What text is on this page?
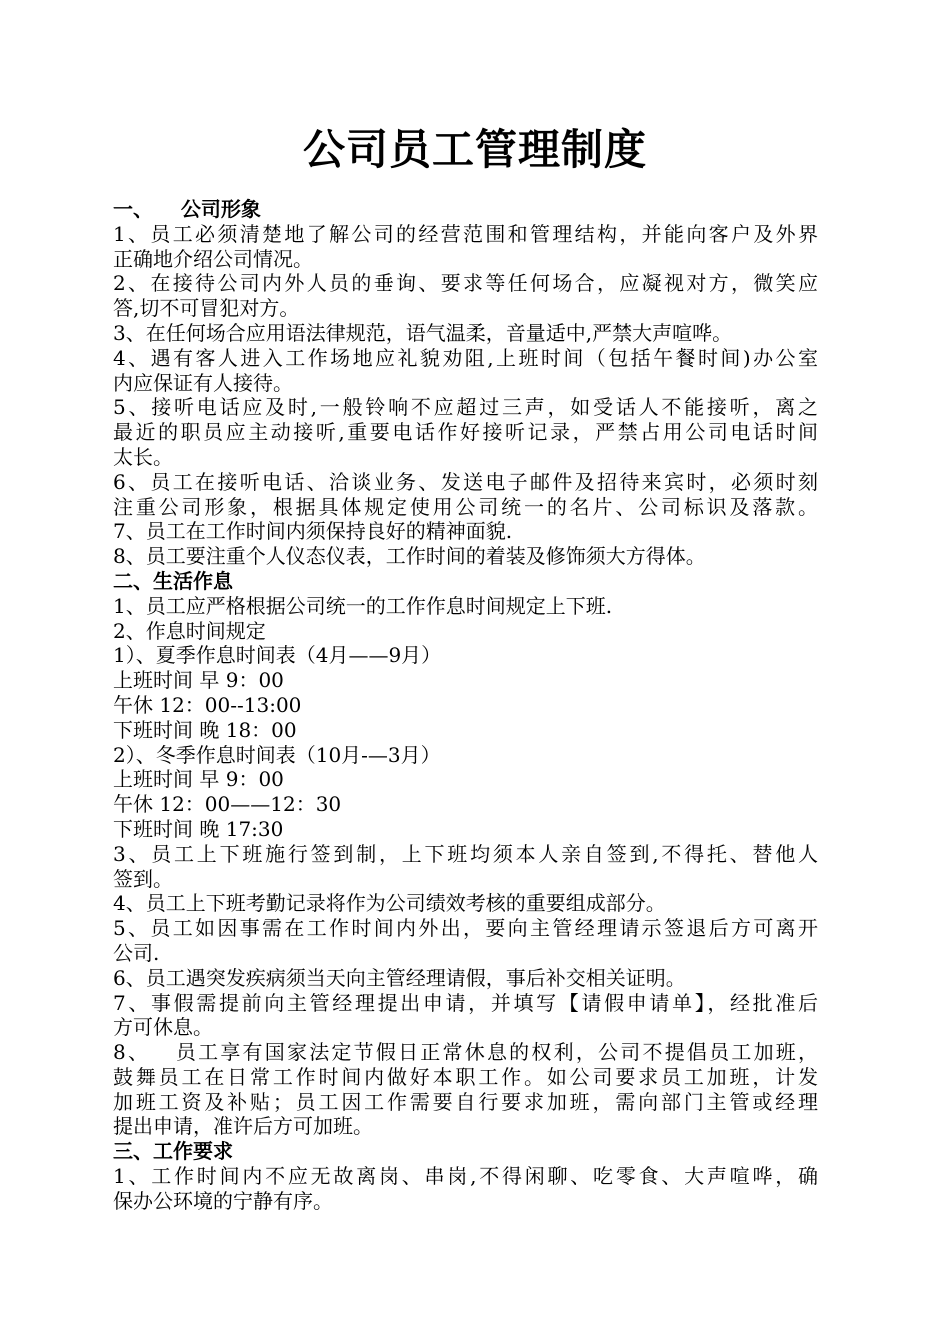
公司员工管理制度
一、    公司形象
1、员工必须清楚地了解公司的经营范围和管理结构，并能向客户及外界
正确地介绍公司情况。
2、在接待公司内外人员的垂询、要求等任何场合，应凝视对方，微笑应
答,切不可冒犯对方。
3、在任何场合应用语法律规范，语气温柔，音量适中,严禁大声喧哗。
4、遇有客人进入工作场地应礼貌劝阻,上班时间（包括午餐时间)办公室
内应保证有人接待。
5、接听电话应及时,一般铃响不应超过三声，如受话人不能接听，离之
最近的职员应主动接听,重要电话作好接听记录，严禁占用公司电话时间
太长。
6、员工在接听电话、洽谈业务、发送电子邮件及招待来宾时，必须时刻
注重公司形象，根据具体规定使用公司统一的名片、公司标识及落款。
7、员工在工作时间内须保持良好的精神面貌.
8、员工要注重个人仪态仪表，工作时间的着装及修饰须大方得体。
二、生活作息
1、员工应严格根据公司统一的工作作息时间规定上下班.
2、作息时间规定
1）、夏季作息时间表（4月——9月）
上班时间 早 9：00
午休 12：00--13:00
下班时间 晚 18：00
2）、冬季作息时间表（10月-—3月）
上班时间 早 9：00
午休 12：00——12：30
下班时间 晚 17:30
3、员工上下班施行签到制，上下班均须本人亲自签到,不得托、替他人
签到。
4、员工上下班考勤记录将作为公司绩效考核的重要组成部分。
5、员工如因事需在工作时间内外出，要向主管经理请示签退后方可离开
公司.
6、员工遇突发疾病须当天向主管经理请假，事后补交相关证明。
7、事假需提前向主管经理提出申请，并填写【请假申请单】，经批准后
方可休息。
8、   员工享有国家法定节假日正常休息的权利，公司不提倡员工加班，
鼓舞员工在日常工作时间内做好本职工作。如公司要求员工加班，计发
加班工资及补贴；员工因工作需要自行要求加班，需向部门主管或经理
提出申请，准许后方可加班。
三、工作要求
1、工作时间内不应无故离岗、串岗,不得闲聊、吃零食、大声喧哗，确
保办公环境的宁静有序。
